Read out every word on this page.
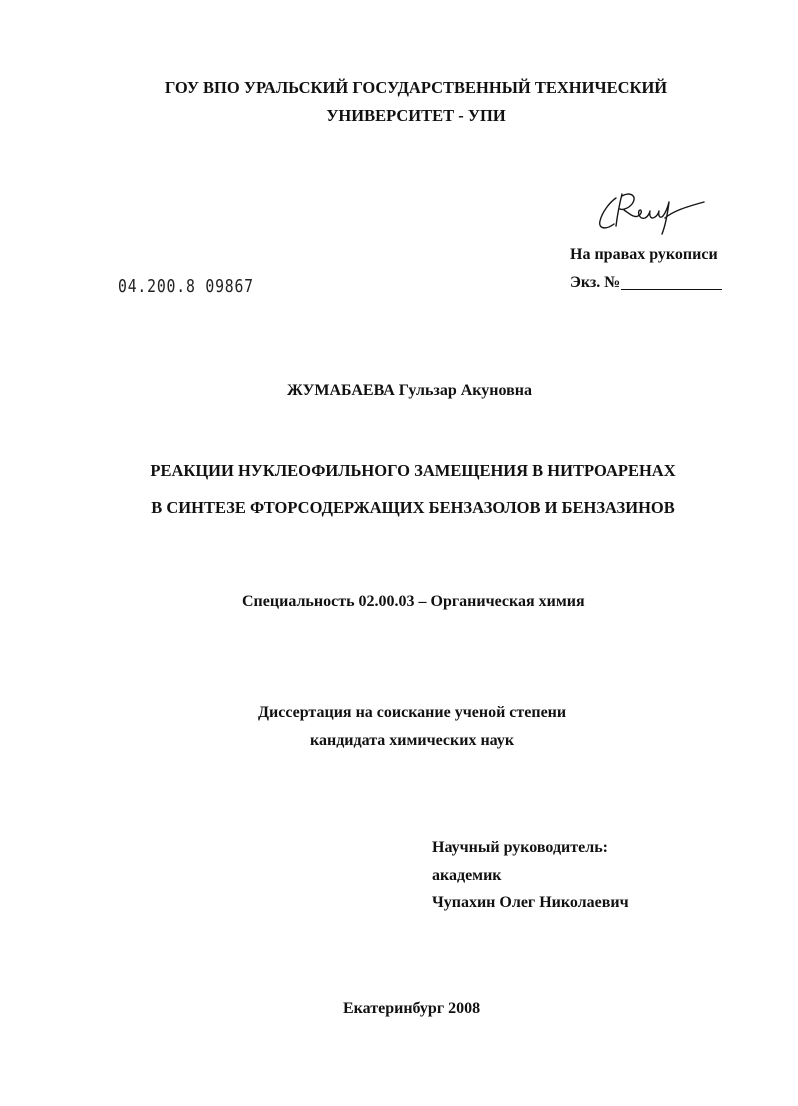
ГОУ ВПО УРАЛЬСКИЙ ГОСУДАРСТВЕННЫЙ ТЕХНИЧЕСКИЙ
УНИВЕРСИТЕТ - УПИ
На правах рукописи
Экз. №
04.200.8 09867
ЖУМАБАЕВА Гульзар Акуновна
РЕАКЦИИ НУКЛЕОФИЛЬНОГО ЗАМЕЩЕНИЯ В НИТРОАРЕНАХ
В СИНТЕЗЕ ФТОРСОДЕРЖАЩИХ БЕНЗАЗОЛОВ И БЕНЗАЗИНОВ
Специальность 02.00.03 – Органическая химия
Диссертация на соискание ученой степени
кандидата химических наук
Научный руководитель:
академик
Чупахин Олег Николаевич
Екатеринбург 2008
